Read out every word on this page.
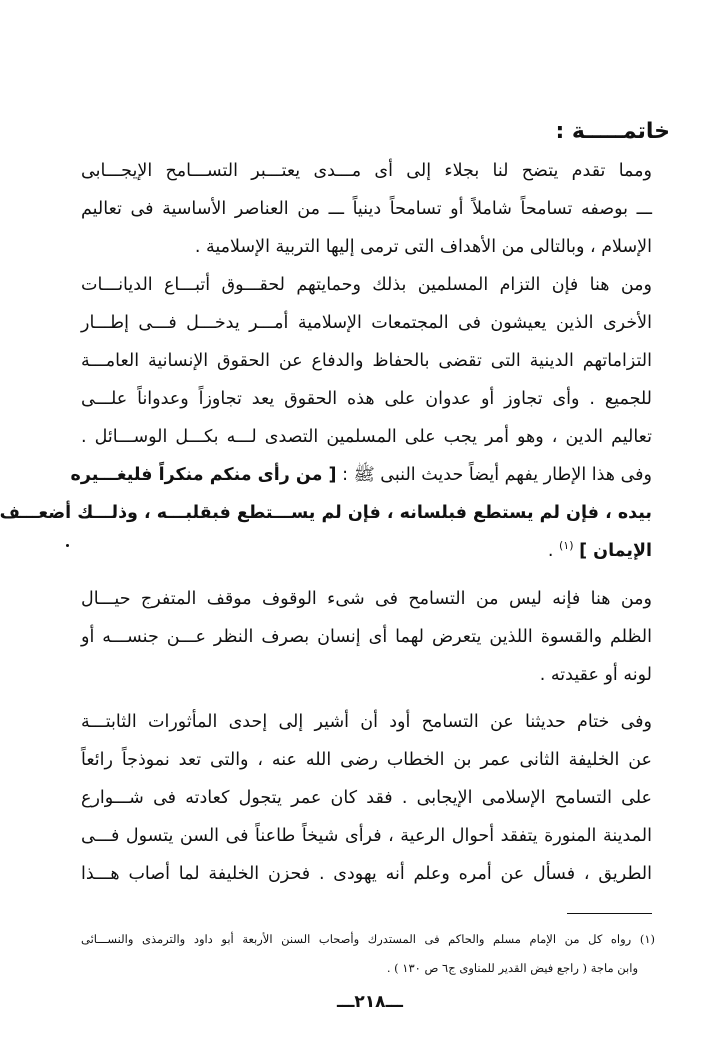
خاتمـــــة :
ومما تقدم يتضح لنا بجلاء إلى أى مـــدى يعتـــبر التســـامح الإيجـــابى
ـــ بوصفه تسامحاً شاملاً أو تسامحاً دينياً ـــ من العناصر الأساسية فى تعاليم
الإسلام ، وبالتالى من الأهداف التى ترمى إليها التربية الإسلامية .
ومن هنا فإن التزام المسلمين بذلك وحمايتهم لحقـــوق أتبـــاع الديانـــات
الأخرى الذين يعيشون فى المجتمعات الإسلامية أمـــر يدخـــل فـــى إطـــار
التزاماتهم الدينية التى تقضى بالحفاظ والدفاع عن الحقوق الإنسانية العامـــة
للجميع . وأى تجاوز أو عدوان على هذه الحقوق يعد تجاوزاً وعدواناً علـــى
تعاليم الدين ، وهو أمر يجب على المسلمين التصدى لـــه بكـــل الوســـائل .
وفى هذا الإطار يفهم أيضاً حديث النبى ﷺ : [ من رأى منكم منكراً فليغـــيره
بيده ، فإن لم يستطع فبلسانه ، فإن لم يســـتطع فبقلبـــه ، وذلـــك أضعـــف
الإيمان ] $^{(١)}$ .
ومن هنا فإنه ليس من التسامح فى شىء الوقوف موقف المتفرج حيـــال
الظلم والقسوة اللذين يتعرض لهما أى إنسان بصرف النظر عـــن جنســـه أو
لونه أو عقيدته .
وفى ختام حديثنا عن التسامح أود أن أشير إلى إحدى المأثورات الثابتـــة
عن الخليفة الثانى عمر بن الخطاب رضى الله عنه ، والتى تعد نموذجاً رائعاً
على التسامح الإسلامى الإيجابى . فقد كان عمر يتجول كعادته فى شـــوارع
المدينة المنورة يتفقد أحوال الرعية ، فرأى شيخاً طاعناً فى السن يتسول فـــى
الطريق ، فسأل عن أمره وعلم أنه يهودى . فحزن الخليفة لما أصاب هـــذا
(١) رواه كل من الإمام مسلم والحاكم فى المستدرك وأصحاب السنن الأربعة أبو داود والترمذى والنســـائى
وابن ماجة ( راجع فيض القدير للمناوى ج٦ ص ١٣٠ ) .
ـــ٢١٨ـــ
